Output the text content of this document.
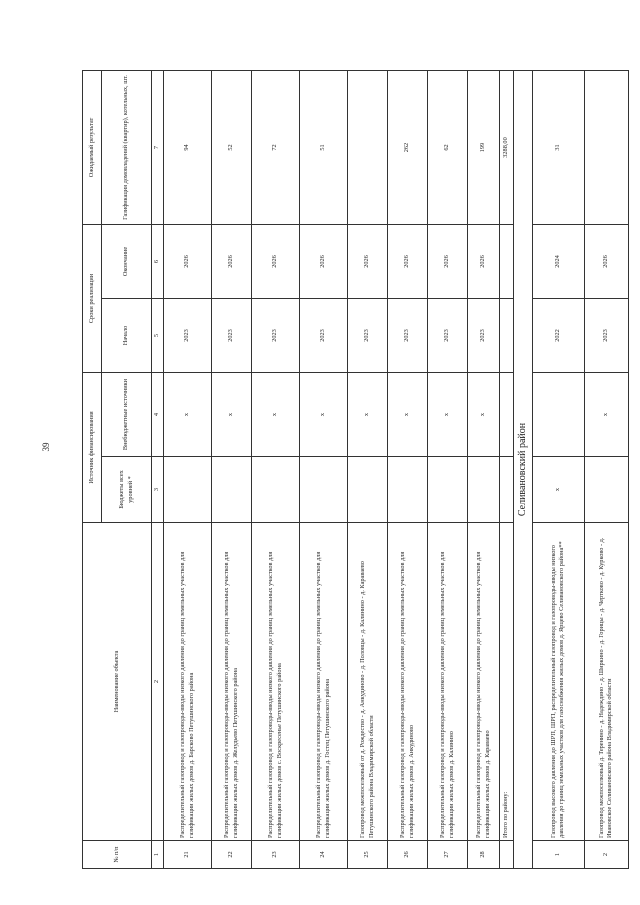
39
№ п/п	Наименование объекта	Источник финансирования		Сроки реализации		Ожидаемый результат
		Бюджеты всех уровней *	Внебюджетные источники	Начало	Окончание	Газификация домовладений (квартир), котельных, шт.
1	2	3	4	5	6	7
21	Распределительный газопровод и газопроводы-вводы низкого давления до границ земельных участков для газификации жилых домов д. Барсково Петушинского района		x	2023	2026	94
22	Распределительный газопровод и газопроводы-вводы низкого давления до границ земельных участков для газификации жилых домов д. Желудьево Петушинского района		x	2023	2026	52
23	Распределительный газопровод и газопроводы-вводы низкого давления до границ земельных участков для газификации жилых домов с. Воскресенье Петушинского района		x	2023	2026	72
24	Распределительный газопровод и газопроводы-вводы низкого давления до границ земельных участков для газификации жилых домов д. Гостец Петушинского района		x	2023	2026	51
25	Газопровод межпоселковый от д. Рождество - д. Анкудиново - д. Половцы - д. Калинино - д. Караваево Петушинского района Владимирской области		x	2023	2026	
26	Распределительный газопровод и газопроводы-вводы низкого давления до границ земельных участков для газификации жилых домов д. Анкудиново		x	2023	2026	262
27	Распределительный газопровод и газопроводы-вводы низкого давления до границ земельных участков для газификации жилых домов д. Калинино		x	2023	2026	62
28	Распределительный газопровод и газопроводы-вводы низкого давления до границ земельных участков для газификации жилых домов д. Караваево		x	2023	2026	199
	Итого по району:					3288,00
Селивановский район						
1	Газопровод высокого давления до ШРП, ШРП, распределительный газопровод и газопроводы-вводы низкого давления до границ земельных участков для газоснабжения жилых домов д. Ярцево Селивановского района**	x		2022	2024	31
2	Газопровод межпоселковый д. Теренино - д. Надеждино - д. Ширкино - д. Горицы - д. Чертково - д. Курково - д. Ивановское Селивановского района Владимирской области		x	2023	2026	
